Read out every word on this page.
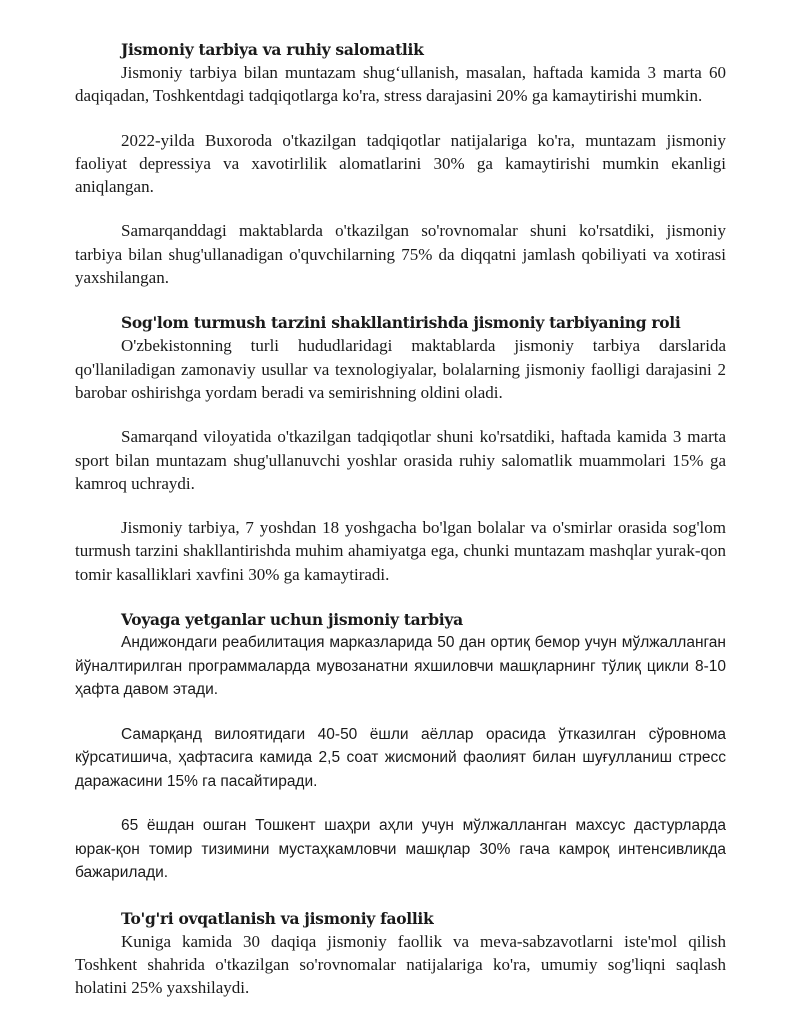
Jismoniy tarbiya va ruhiy salomatlik

Jismoniy tarbiya bilan muntazam shug‘ullanish, masalan, haftada kamida 3 marta 60 daqiqadan, Toshkentdagi tadqiqotlarga ko'ra, stress darajasini 20% ga kamaytirishi mumkin.

2022-yilda Buxoroda o'tkazilgan tadqiqotlar natijalariga ko'ra, muntazam jismoniy faoliyat depressiya va xavotirlilik alomatlarini 30% ga kamaytirishi mumkin ekanligi aniqlangan.

Samarqanddagi maktablarda o'tkazilgan so'rovnomalar shuni ko'rsatdiki, jismoniy tarbiya bilan shug'ullanadigan o'quvchilarning 75% da diqqatni jamlash qobiliyati va xotirasi yaxshilangan.

Sog'lom turmush tarzini shakllantirishda jismoniy tarbiyaning roli

O'zbekistonning turli hududlaridagi maktablarda jismoniy tarbiya darslarida qo'llaniladigan zamonaviy usullar va texnologiyalar, bolalarning jismoniy faolligi darajasini 2 barobar oshirishga yordam beradi va semirishning oldini oladi.

Samarqand viloyatida o'tkazilgan tadqiqotlar shuni ko'rsatdiki, haftada kamida 3 marta sport bilan muntazam shug'ullanuvchi yoshlar orasida ruhiy salomatlik muammolari 15% ga kamroq uchraydi.

Jismoniy tarbiya, 7 yoshdan 18 yoshgacha bo'lgan bolalar va o'smirlar orasida sog'lom turmush tarzini shakllantirishda muhim ahamiyatga ega, chunki muntazam mashqlar yurak-qon tomir kasalliklari xavfini 30% ga kamaytiradi.

Voyaga yetganlar uchun jismoniy tarbiya

Андижондаги реабилитация марказларида 50 дан ортиқ бемор учун мўлжалланган йўналтирилган программаларда мувозанатни яхшиловчи машқларнинг тўлиқ цикли 8-10 ҳафта давом этади.

Самарқанд вилоятидаги 40-50 ёшли аёллар орасида ўтказилган сўровнома кўрсатишича, ҳафтасига камида 2,5 соат жисмоний фаолият билан шуғулланиш стресс даражасини 15% га пасайтиради.

65 ёшдан ошган Тошкент шаҳри аҳли учун мўлжалланган махсус дастурларда юрак-қон томир тизимини мустаҳкамловчи машқлар 30% гача камроқ интенсивликда бажарилади.

To'g'ri ovqatlanish va jismoniy faollik

Kuniga kamida 30 daqiqa jismoniy faollik va meva-sabzavotlarni iste'mol qilish Toshkent shahrida o'tkazilgan so'rovnomalar natijalariga ko'ra, umumiy sog'liqni saqlash holatini 25% yaxshilaydi.
